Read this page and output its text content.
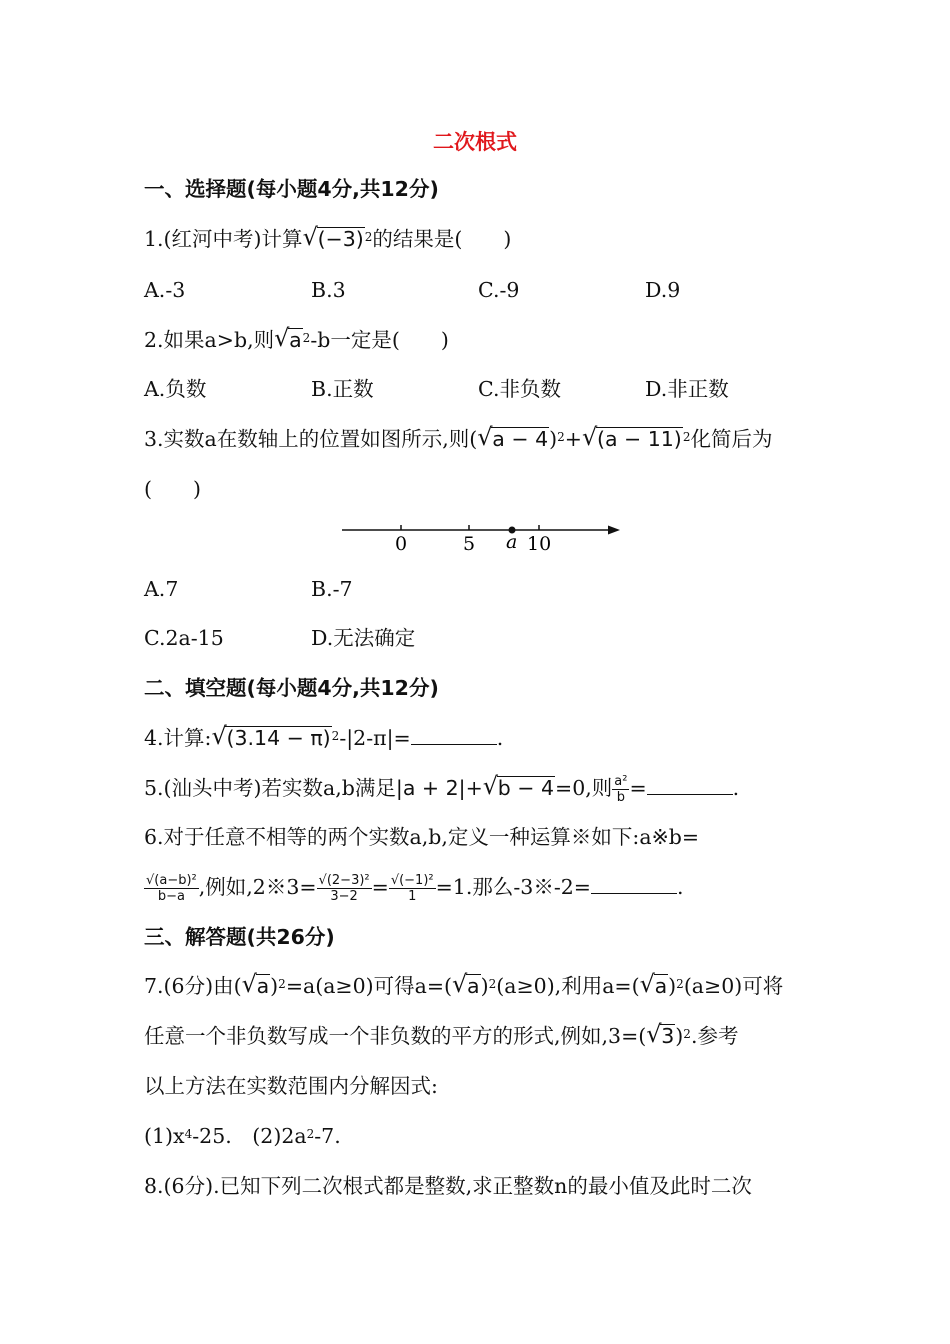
二次根式
一、选择题(每小题4分,共12分)
1.(红河中考)计算 √ $(-3)^2$的结果是(　　)
A.-3	B.3	C.-9	D.9
2.如果a>b,则 √ $a^2-b$一定是(　　)
A.负数	B.正数	C.非负数	D.非正数
3.实数a在数轴上的位置如图所示,则( √ a − 4)$^2$+ √ $(a - 11)^2$化简后为
(　　)
0	5	10
a
A.7	B.-7
C.2a-15	D.无法确定
二、填空题(每小题4分,共12分)
4.计算: √ $(3.14 - \pi)^2-|2-\pi|=$	.
5.(汕头中考)若实数a,b满足|a + 2|+ √ b − 4=0,则 $\frac{\text{a²}}{b}$ =	.
6.对于任意不相等的两个实数a,b,定义一种运算※如下:a※b=
$\frac{\text{√(a−b)²}}{b-a}$ ,例如,2※3= $\frac{\text{√(2−3)²}}{3-2} = \frac{\text{√(−1)²}}{1} =1$.那么-3※-2=	.
三、解答题(共26分)
7.(6分)由( √ a)$^2$=a(a≥0)可得a=( √ a)$^2$(a≥0),利用a=( √ a)$^2$(a≥0)可将
任意一个非负数写成一个非负数的平方的形式,例如,3=( √ 3)$^2$.参考
以上方法在实数范围内分解因式:
$(1)x^4-25$.　$(2)2a^2-7$.
8.(6分).已知下列二次根式都是整数,求正整数n的最小值及此时二次
